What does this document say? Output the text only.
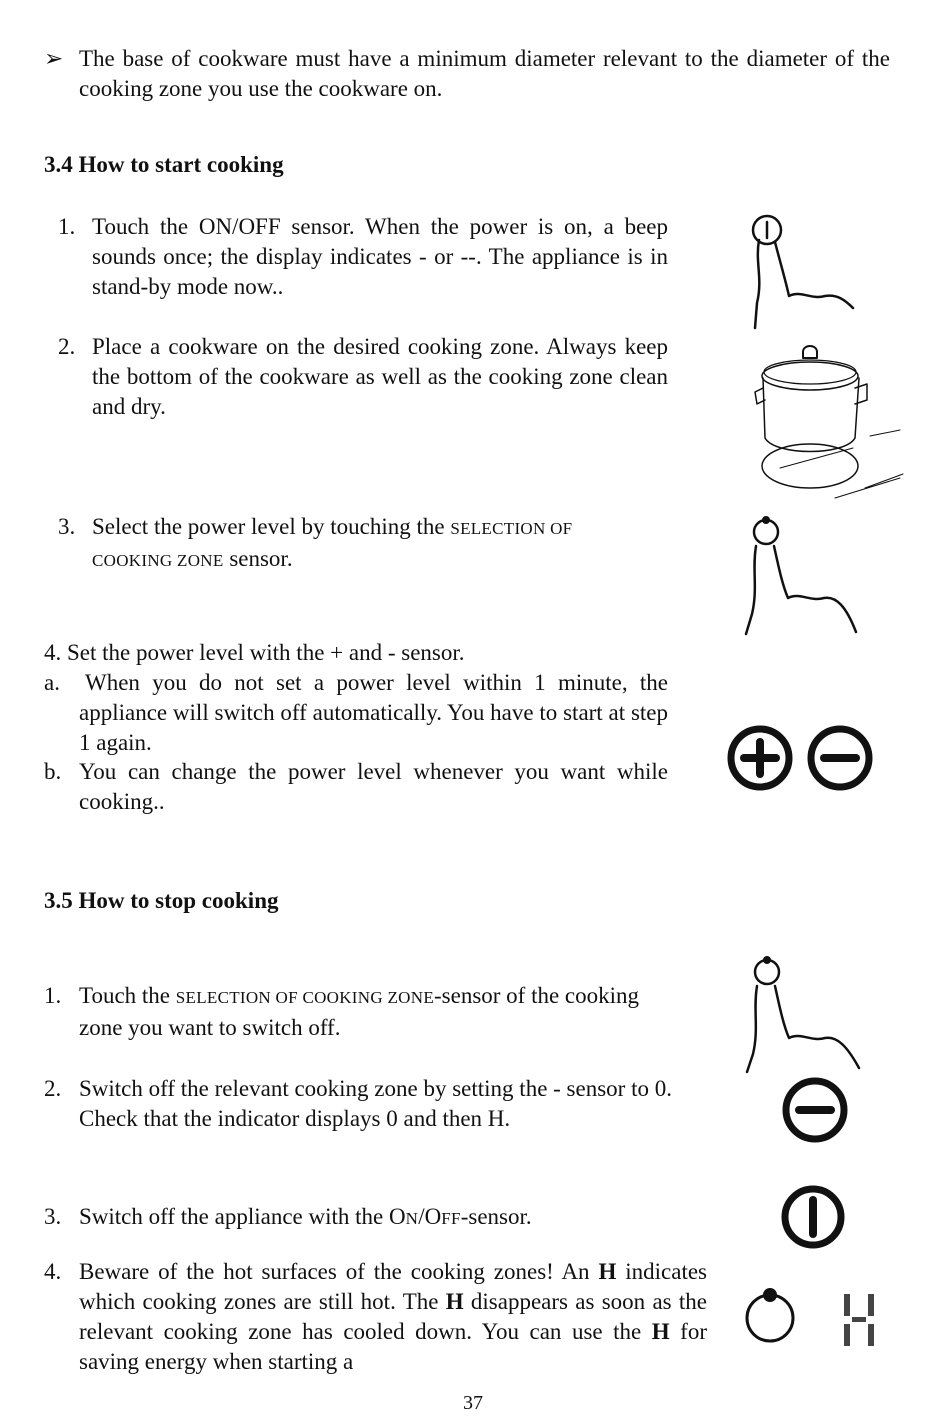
➢ The base of cookware must have a minimum diameter relevant to the diameter of the cooking zone you use the cookware on.

3.4 How to start cooking
1. Touch the ON/OFF sensor. When the power is on, a beep sounds once; the display indicates - or --. The appliance is in stand-by mode now..

2. Place a cookware on the desired cooking zone. Always keep the bottom of the cookware as well as the cooking zone clean and dry.

3. Select the power level by touching the SELECTION OF COOKING ZONE sensor.

4. Set the power level with the + and - sensor.

a. When you do not set a power level within 1 minute, the appliance will switch off automatically. You have to start at step 1 again.

b. You can change the power level whenever you want while cooking..

3.5 How to stop cooking
1. Touch the SELECTION OF COOKING ZONE-sensor of the cooking zone you want to switch off.

2. Switch off the relevant cooking zone by setting the - sensor to 0. Check that the indicator displays 0 and then H.

3. Switch off the appliance with the ON/OFF-sensor.

4. Beware of the hot surfaces of the cooking zones! An H indicates which cooking zones are still hot. The H disappears as soon as the relevant cooking zone has cooled down. You can use the H for saving energy when starting a

37
